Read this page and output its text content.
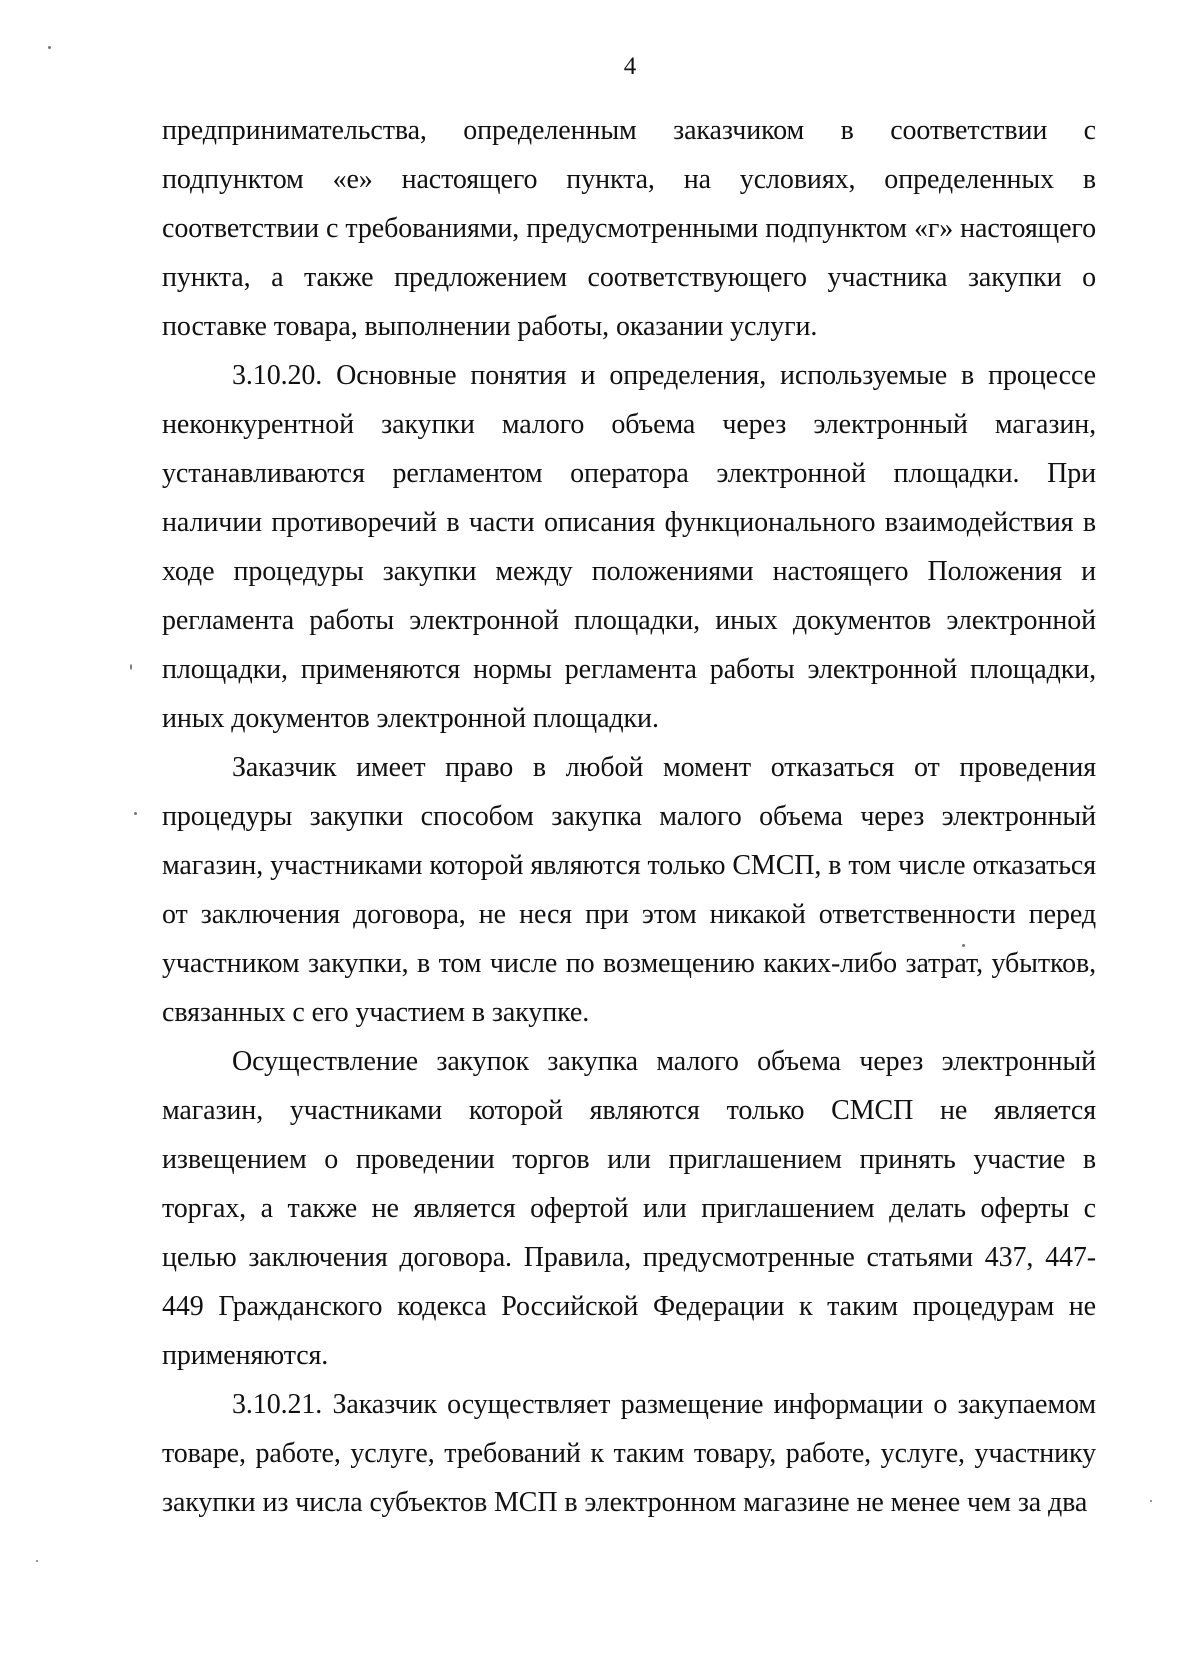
4

предпринимательства, определенным заказчиком в соответствии с подпунктом «е» настоящего пункта, на условиях, определенных в соответствии с требованиями, предусмотренными подпунктом «г» настоящего пункта, а также предложением соответствующего участника закупки о поставке товара, выполнении работы, оказании услуги.

3.10.20. Основные понятия и определения, используемые в процессе неконкурентной закупки малого объема через электронный магазин, устанавливаются регламентом оператора электронной площадки. При наличии противоречий в части описания функционального взаимодействия в ходе процедуры закупки между положениями настоящего Положения и регламента работы электронной площадки, иных документов электронной площадки, применяются нормы регламента работы электронной площадки, иных документов электронной площадки.

Заказчик имеет право в любой момент отказаться от проведения процедуры закупки способом закупка малого объема через электронный магазин, участниками которой являются только СМСП, в том числе отказаться от заключения договора, не неся при этом никакой ответственности перед участником закупки, в том числе по возмещению каких-либо затрат, убытков, связанных с его участием в закупке.

Осуществление закупок закупка малого объема через электронный магазин, участниками которой являются только СМСП не является извещением о проведении торгов или приглашением принять участие в торгах, а также не является офертой или приглашением делать оферты с целью заключения договора. Правила, предусмотренные статьями 437, 447-449 Гражданского кодекса Российской Федерации к таким процедурам не применяются.

3.10.21. Заказчик осуществляет размещение информации о закупаемом товаре, работе, услуге, требований к таким товару, работе, услуге, участнику закупки из числа субъектов МСП в электронном магазине не менее чем за два
